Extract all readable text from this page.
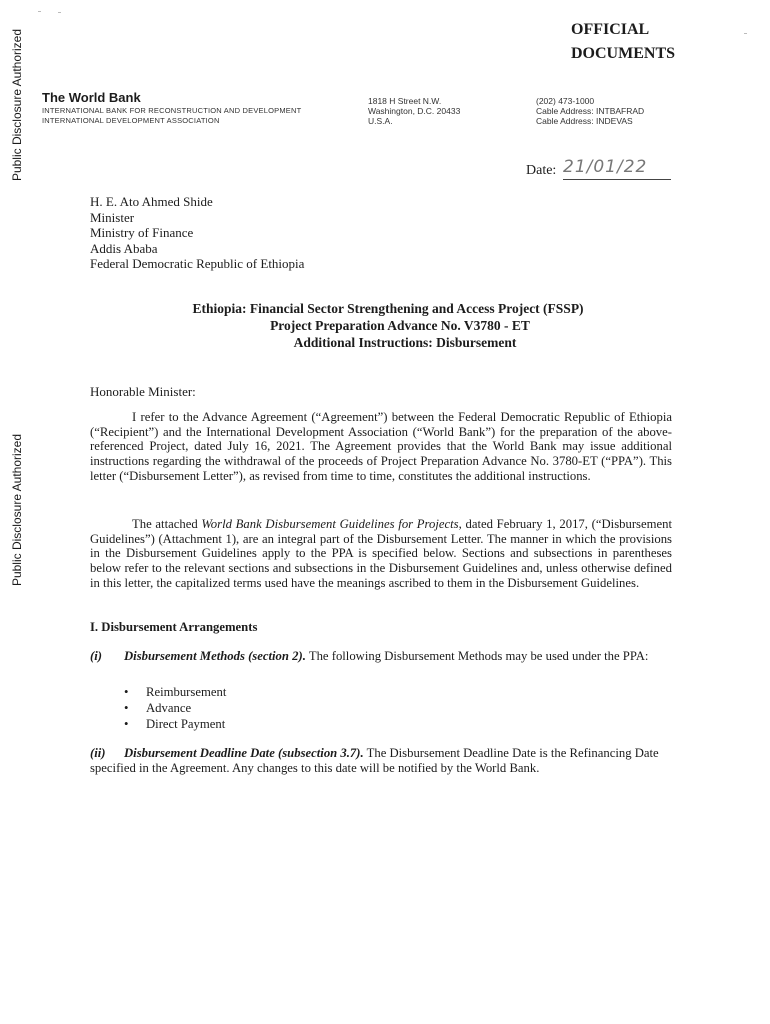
Public Disclosure Authorized
Public Disclosure Authorized
OFFICIAL
DOCUMENTS
The World Bank
INTERNATIONAL BANK FOR RECONSTRUCTION AND DEVELOPMENT
INTERNATIONAL DEVELOPMENT ASSOCIATION
1818 H Street N.W.
Washington, D.C. 20433
U.S.A.
(202) 473-1000
Cable Address: INTBAFRAD
Cable Address: INDEVAS
Date: 21/01/22
H. E. Ato Ahmed Shide
Minister
Ministry of Finance
Addis Ababa
Federal Democratic Republic of Ethiopia
Ethiopia: Financial Sector Strengthening and Access Project (FSSP)
Project Preparation Advance No. V3780 - ET
Additional Instructions: Disbursement
Honorable Minister:
I refer to the Advance Agreement (“Agreement”) between the Federal Democratic Republic of Ethiopia (“Recipient”) and the International Development Association (“World Bank”) for the preparation of the above-referenced Project, dated July 16, 2021. The Agreement provides that the World Bank may issue additional instructions regarding the withdrawal of the proceeds of Project Preparation Advance No. 3780-ET (“PPA”). This letter (“Disbursement Letter”), as revised from time to time, constitutes the additional instructions.
The attached World Bank Disbursement Guidelines for Projects, dated February 1, 2017, (“Disbursement Guidelines”) (Attachment 1), are an integral part of the Disbursement Letter. The manner in which the provisions in the Disbursement Guidelines apply to the PPA is specified below. Sections and subsections in parentheses below refer to the relevant sections and subsections in the Disbursement Guidelines and, unless otherwise defined in this letter, the capitalized terms used have the meanings ascribed to them in the Disbursement Guidelines.
I. Disbursement Arrangements
(i) Disbursement Methods (section 2). The following Disbursement Methods may be used under the PPA:
• Reimbursement
• Advance
• Direct Payment
(ii) Disbursement Deadline Date (subsection 3.7). The Disbursement Deadline Date is the Refinancing Date specified in the Agreement. Any changes to this date will be notified by the World Bank.
